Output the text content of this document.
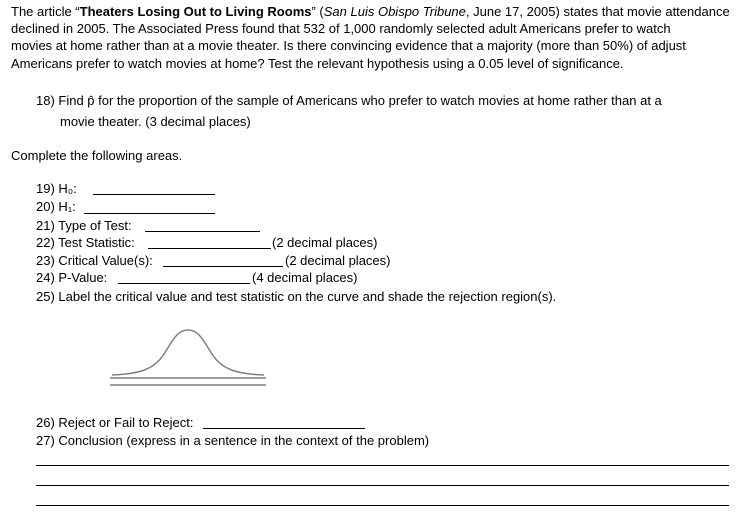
The article “Theaters Losing Out to Living Rooms” (San Luis Obispo Tribune, June 17, 2005) states that movie attendance
declined in 2005. The Associated Press found that 532 of 1,000 randomly selected adult Americans prefer to watch
movies at home rather than at a movie theater. Is there convincing evidence that a majority (more than 50%) of adjust
Americans prefer to watch movies at home? Test the relevant hypothesis using a 0.05 level of significance.
18) Find p̂ for the proportion of the sample of Americans who prefer to watch movies at home rather than at a
movie theater. (3 decimal places)
Complete the following areas.
19) H₀:
20) H₁:
21) Type of Test:
22) Test Statistic:	(2 decimal places)
23) Critical Value(s):	(2 decimal places)
24) P-Value:	(4 decimal places)
25) Label the critical value and test statistic on the curve and shade the rejection region(s).
26) Reject or Fail to Reject:
27) Conclusion (express in a sentence in the context of the problem)
